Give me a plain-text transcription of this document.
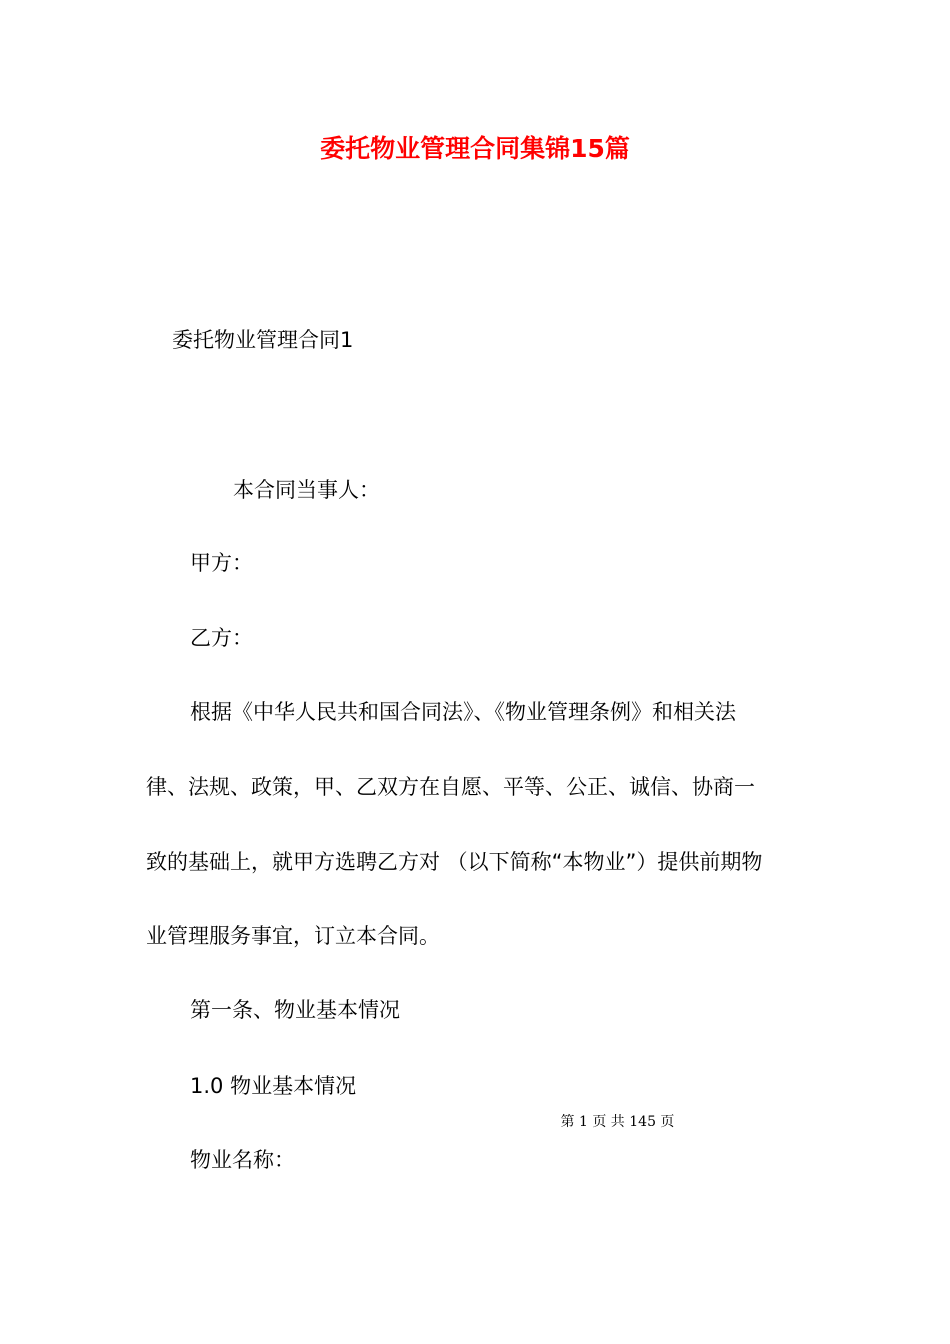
委托物业管理合同集锦15篇
委托物业管理合同1
本合同当事人：
甲方：
乙方：
根据《中华人民共和国合同法》、《物业管理条例》和相关法
律、法规、政策，甲、乙双方在自愿、平等、公正、诚信、协商一
致的基础上，就甲方选聘乙方对 （以下简称“本物业”）提供前期物
业管理服务事宜，订立本合同。
第一条、物业基本情况
1.0 物业基本情况
第 1 页 共 145 页
物业名称：
